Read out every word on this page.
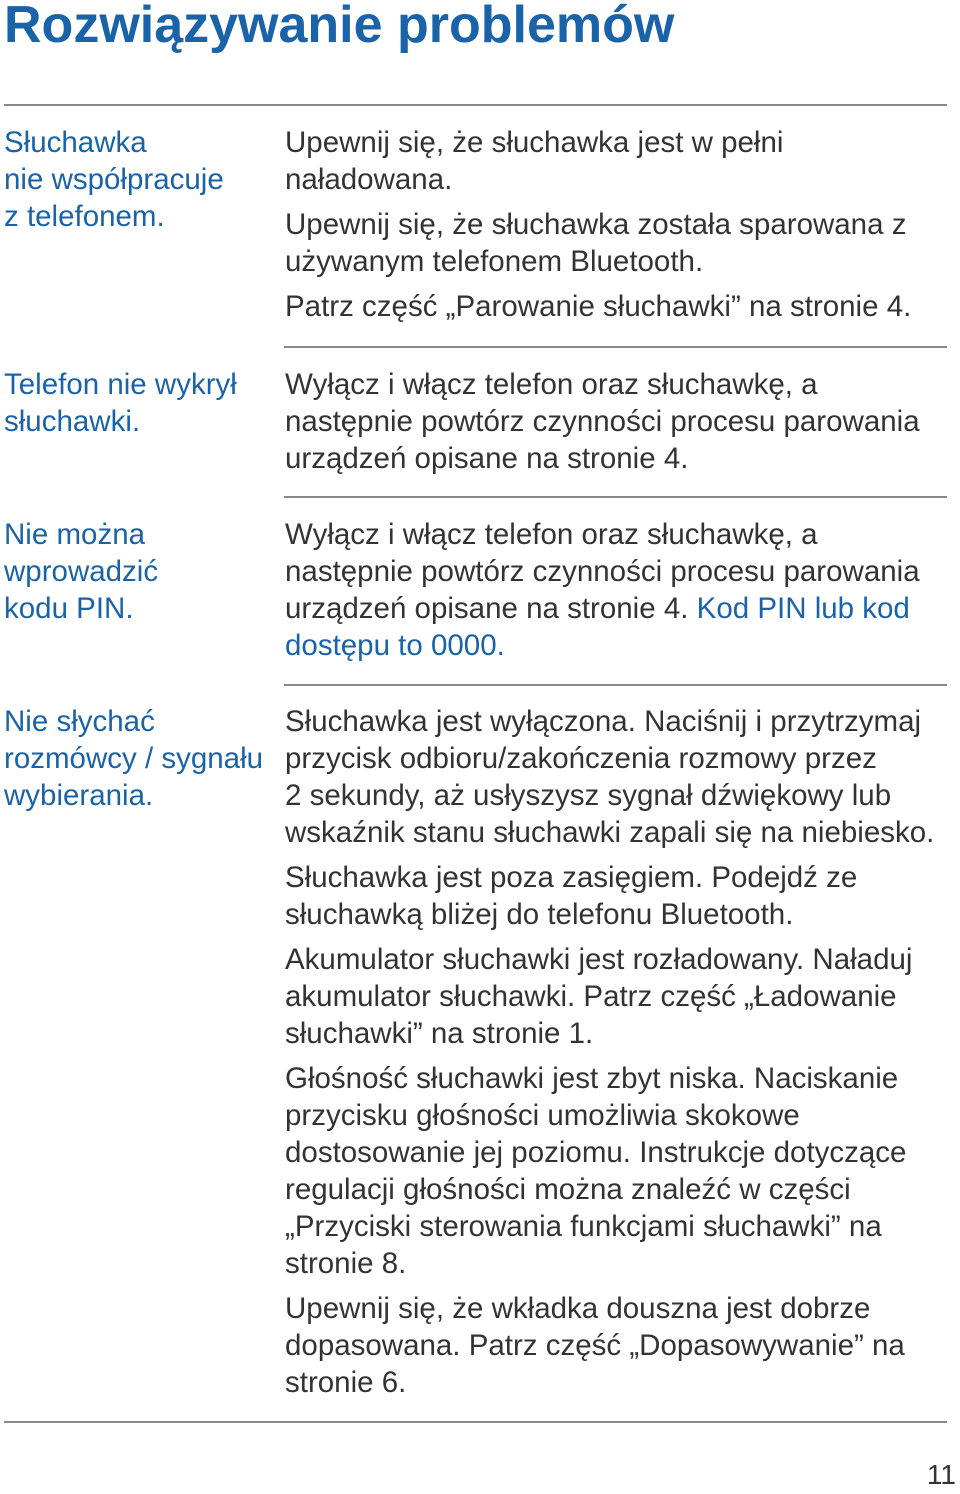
Rozwiązywanie problemów
Słuchawka
nie współpracuje
z telefonem.

Upewnij się, że słuchawka jest w pełni
naładowana.

Upewnij się, że słuchawka została sparowana z
używanym telefonem Bluetooth.

Patrz część „Parowanie słuchawki” na stronie 4.

Telefon nie wykrył
słuchawki.

Wyłącz i włącz telefon oraz słuchawkę, a
następnie powtórz czynności procesu parowania
urządzeń opisane na stronie 4.

Nie można
wprowadzić
kodu PIN.

Wyłącz i włącz telefon oraz słuchawkę, a
następnie powtórz czynności procesu parowania
urządzeń opisane na stronie 4. Kod PIN lub kod
dostępu to 0000.

Nie słychać
rozmówcy / sygnału
wybierania.

Słuchawka jest wyłączona. Naciśnij i przytrzymaj
przycisk odbioru/zakończenia rozmowy przez
2 sekundy, aż usłyszysz sygnał dźwiękowy lub
wskaźnik stanu słuchawki zapali się na niebiesko.

Słuchawka jest poza zasięgiem. Podejdź ze
słuchawką bliżej do telefonu Bluetooth.

Akumulator słuchawki jest rozładowany. Naładuj
akumulator słuchawki. Patrz część „Ładowanie
słuchawki” na stronie 1.

Głośność słuchawki jest zbyt niska. Naciskanie
przycisku głośności umożliwia skokowe
dostosowanie jej poziomu. Instrukcje dotyczące
regulacji głośności można znaleźć w części
„Przyciski sterowania funkcjami słuchawki” na
stronie 8.

Upewnij się, że wkładka douszna jest dobrze
dopasowana. Patrz część „Dopasowywanie” na
stronie 6.

11
